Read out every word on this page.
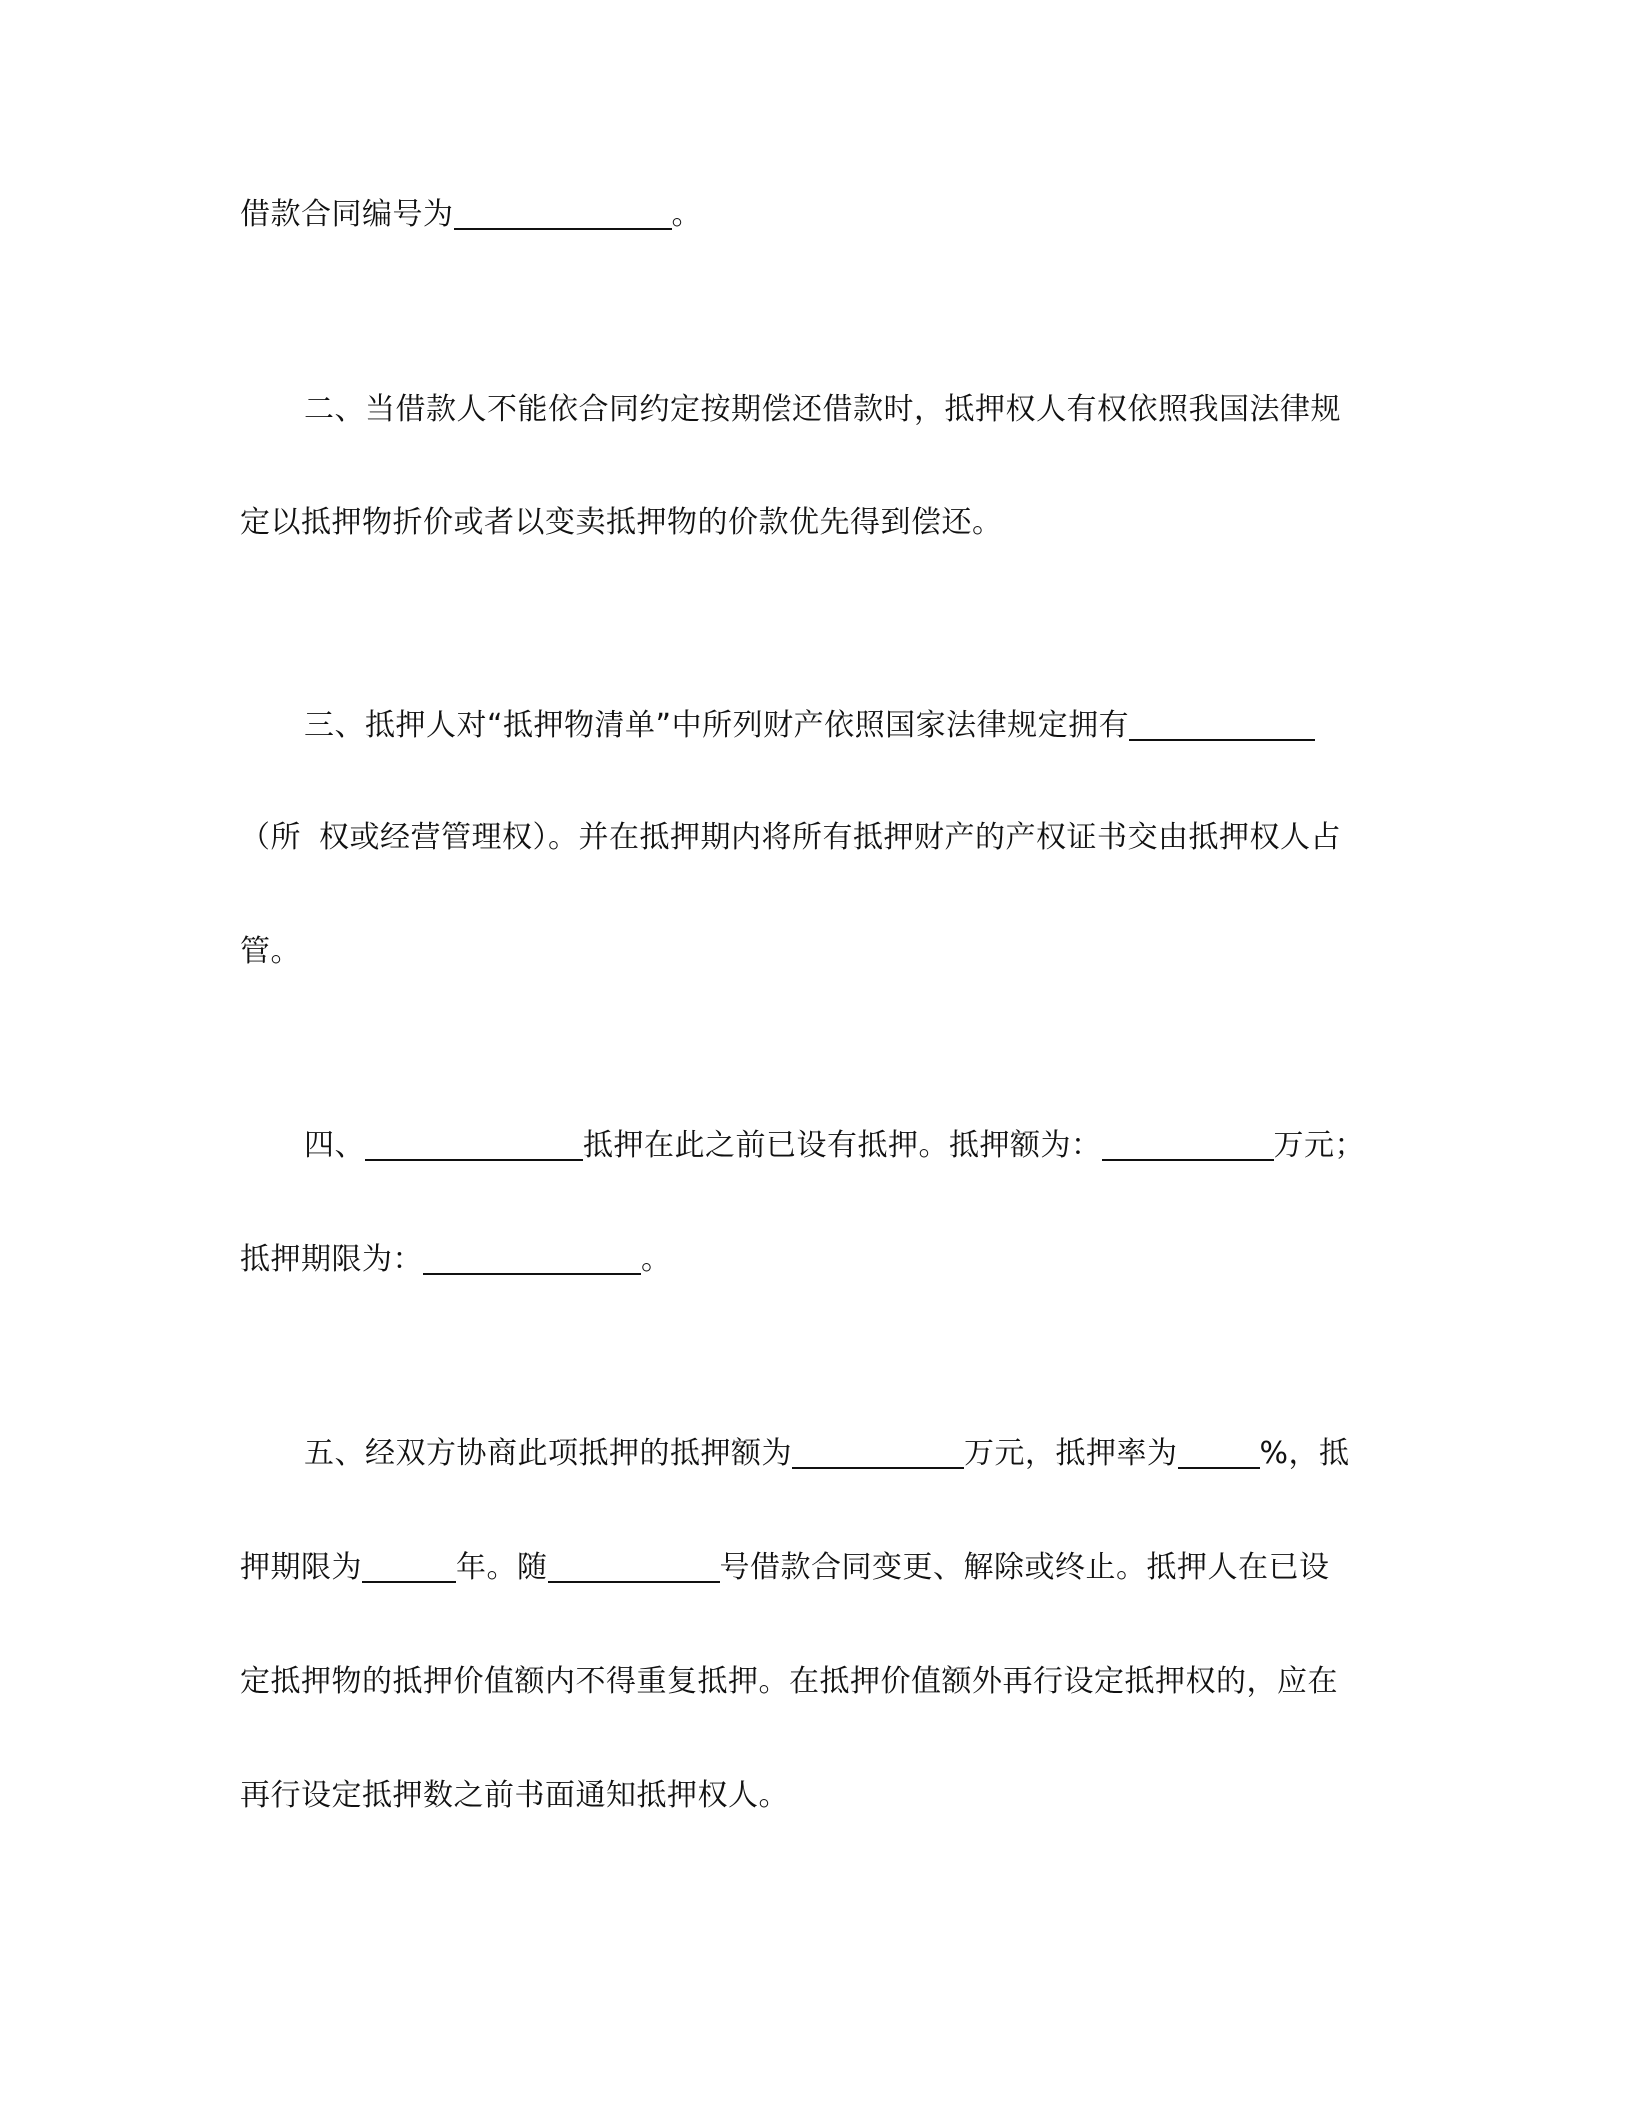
借款合同编号为	。
二、当借款人不能依合同约定按期偿还借款时，抵押权人有权依照我国法律规
定以抵押物折价或者以变卖抵押物的价款优先得到偿还。
三、抵押人对“抵押物清单”中所列财产依照国家法律规定拥有
（所 权或经营管理权）。并在抵押期内将所有抵押财产的产权证书交由抵押权人占
管。
四、	抵押在此之前已设有抵押。抵押额为：	万元；
抵押期限为：	。
五、经双方协商此项抵押的抵押额为	万元，抵押率为	%，抵
押期限为	年。随	号借款合同变更、解除或终止。抵押人在已设
定抵押物的抵押价值额内不得重复抵押。在抵押价值额外再行设定抵押权的，应在
再行设定抵押数之前书面通知抵押权人。
